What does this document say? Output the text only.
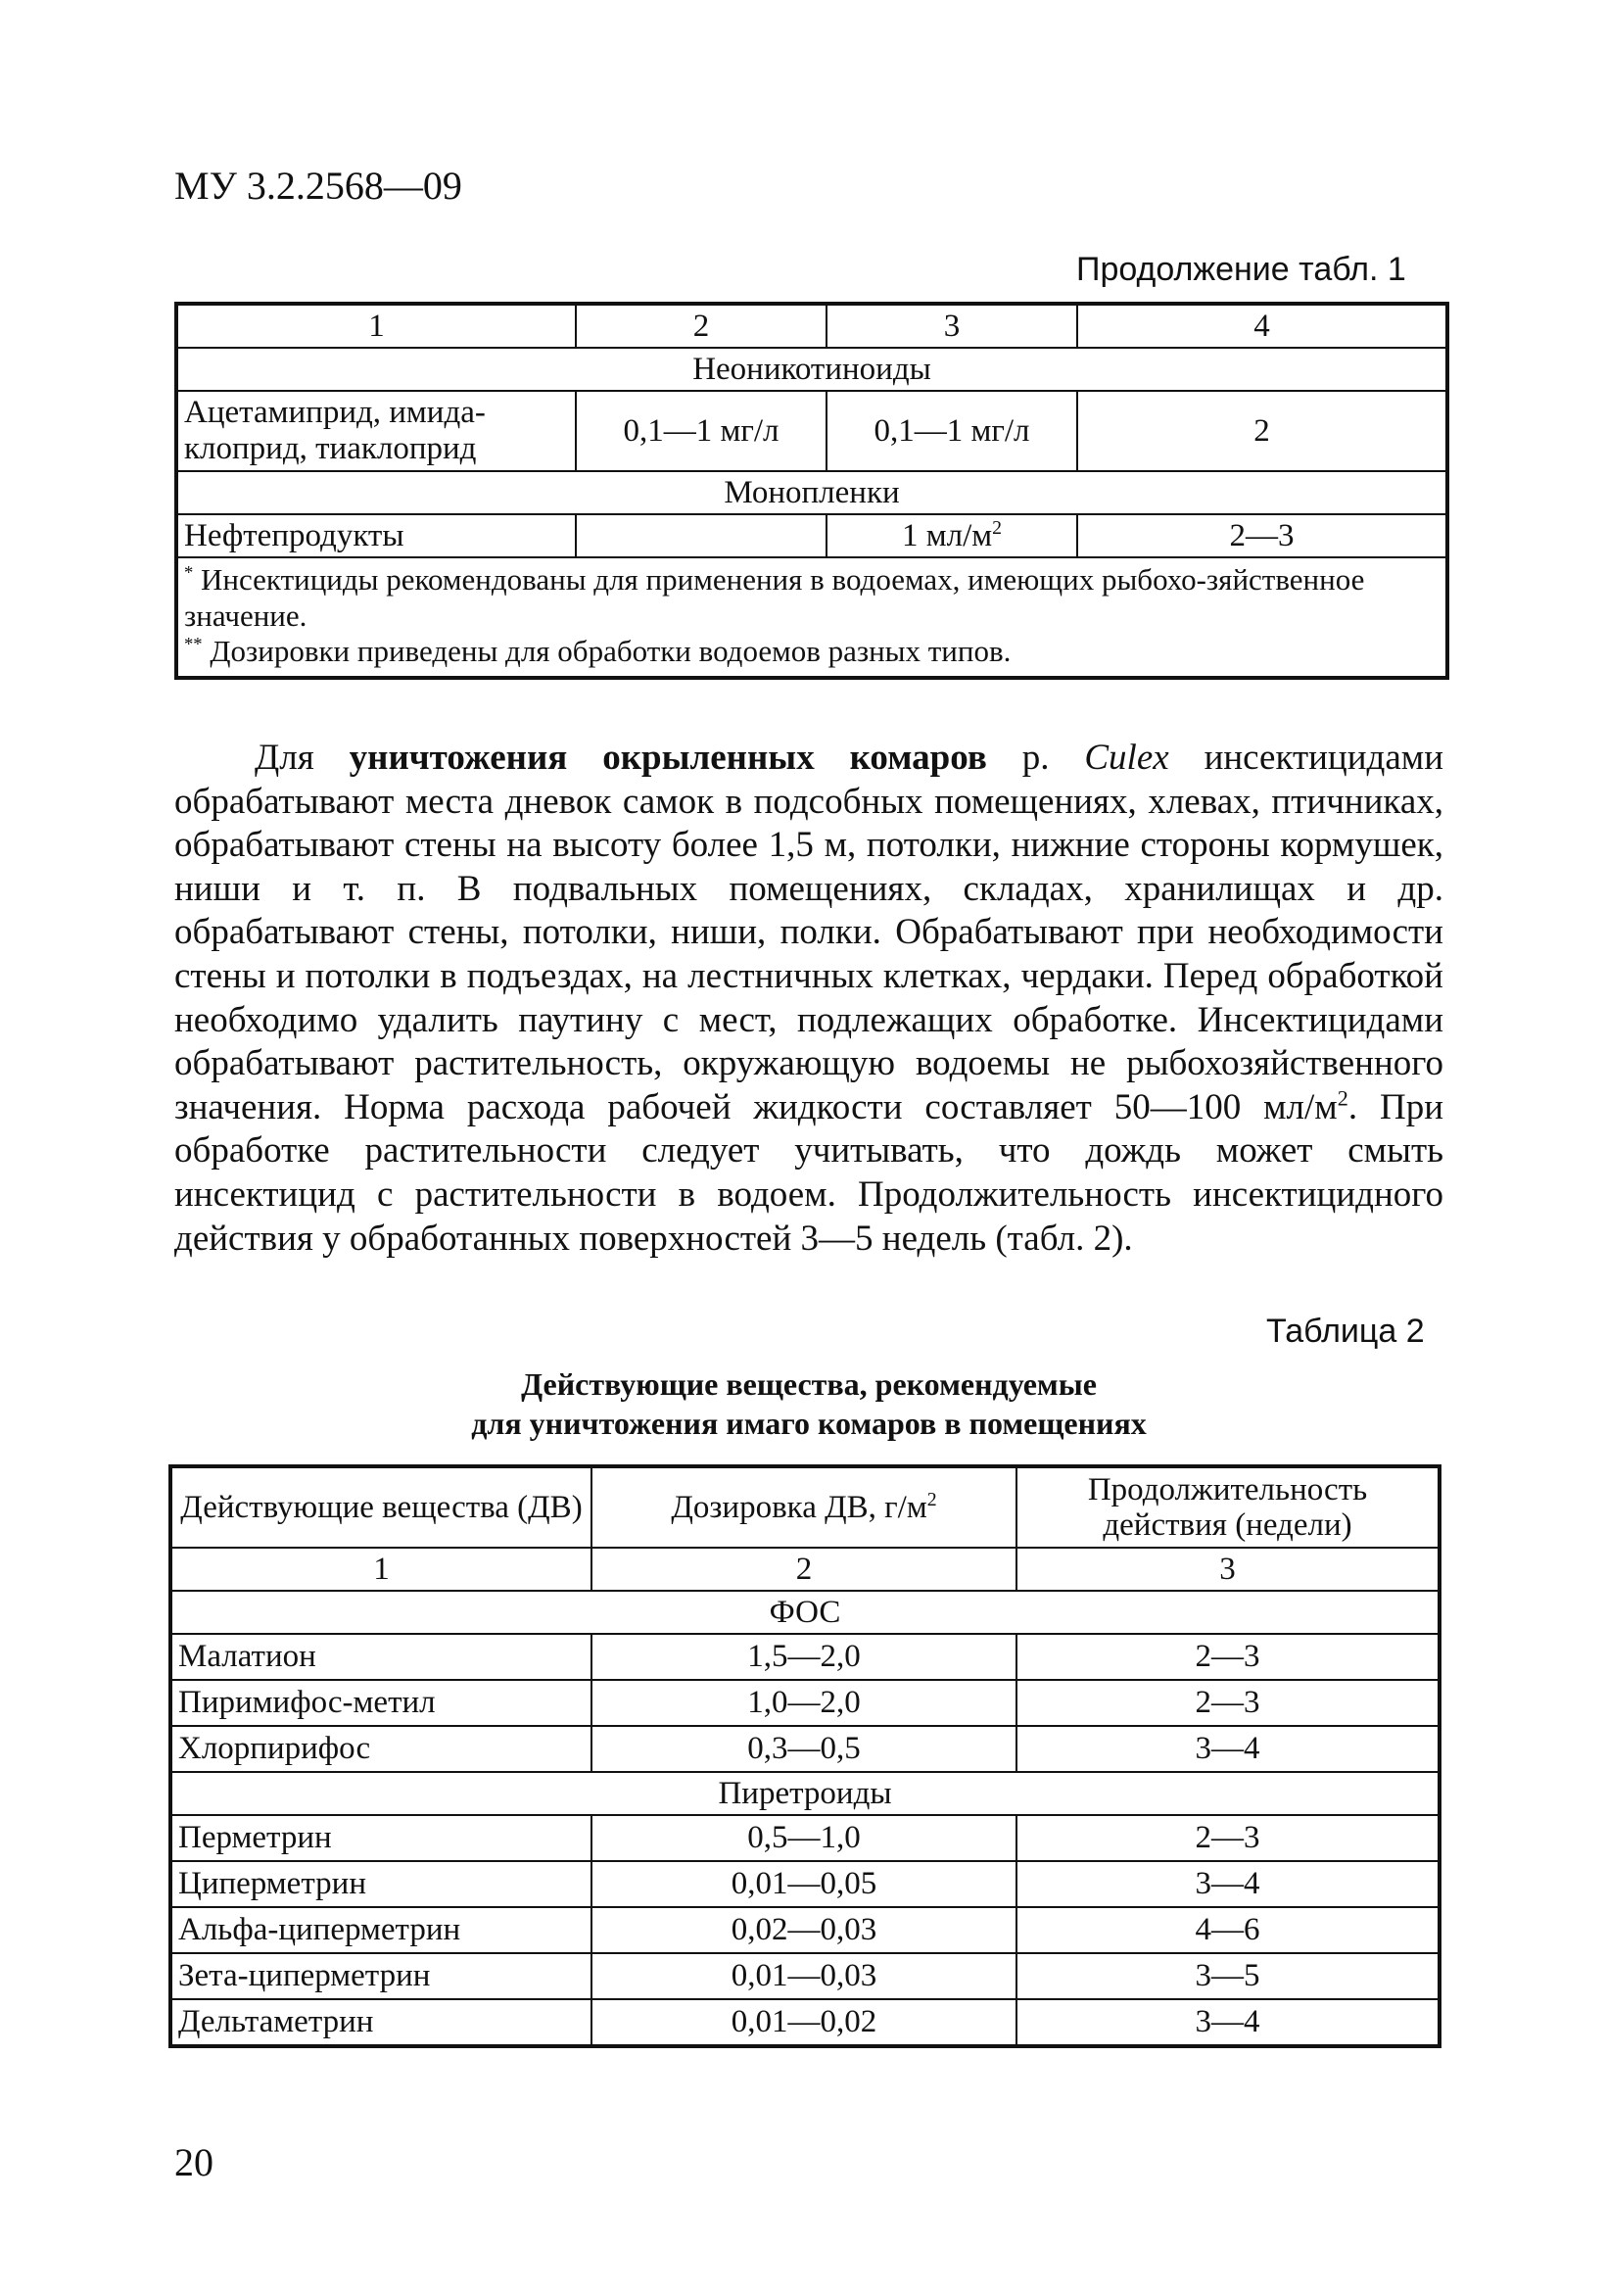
МУ 3.2.2568—09
Продолжение табл. 1
1	2	3	4
Неоникотиноиды			
Ацетамиприд, имида-клоприд, тиаклоприд	0,1—1 мг/л	0,1—1 мг/л	2
Монопленки			
Нефтепродукты		1 $мл/м^2$	2—3

* Инсектициды рекомендованы для применения в водоемах, имеющих рыбохо-зяйственное значение.
** Дозировки приведены для обработки водоемов разных типов.			
Для уничтожения окрыленных комаров р. Culex инсектицидами обрабатывают места дневок самок в подсобных помещениях, хлевах, птичниках, обрабатывают стены на высоту более 1,5 м, потолки, нижние стороны кормушек, ниши и т. п. В подвальных помещениях, складах, хранилищах и др. обрабатывают стены, потолки, ниши, полки. Обрабатывают при необходимости стены и потолки в подъездах, на лестничных клетках, чердаки. Перед обработкой необходимо удалить паутину с мест, подлежащих обработке. Инсектицидами обрабатывают растительность, окружающую водоемы не рыбохозяйственного значения. Норма расхода рабочей жидкости составляет 50—100 $мл/м^2$. При обработке растительности следует учитывать, что дождь может смыть инсектицид с растительности в водоем. Продолжительность инсектицидного действия у обработанных поверхностей 3—5 недель (табл. 2).
Таблица 2
Действующие вещества, рекомендуемые
для уничтожения имаго комаров в помещениях
Действующие вещества (ДВ)	Дозировка ДВ, $г/м^2$	Продолжительность действия (недели)
1	2	3
ФОС		
Малатион	1,5—2,0	2—3
Пиримифос-метил	1,0—2,0	2—3
Хлорпирифос	0,3—0,5	3—4
Пиретроиды		
Перметрин	0,5—1,0	2—3
Циперметрин	0,01—0,05	3—4
Альфа-циперметрин	0,02—0,03	4—6
Зета-циперметрин	0,01—0,03	3—5
Дельтаметрин	0,01—0,02	3—4
20
